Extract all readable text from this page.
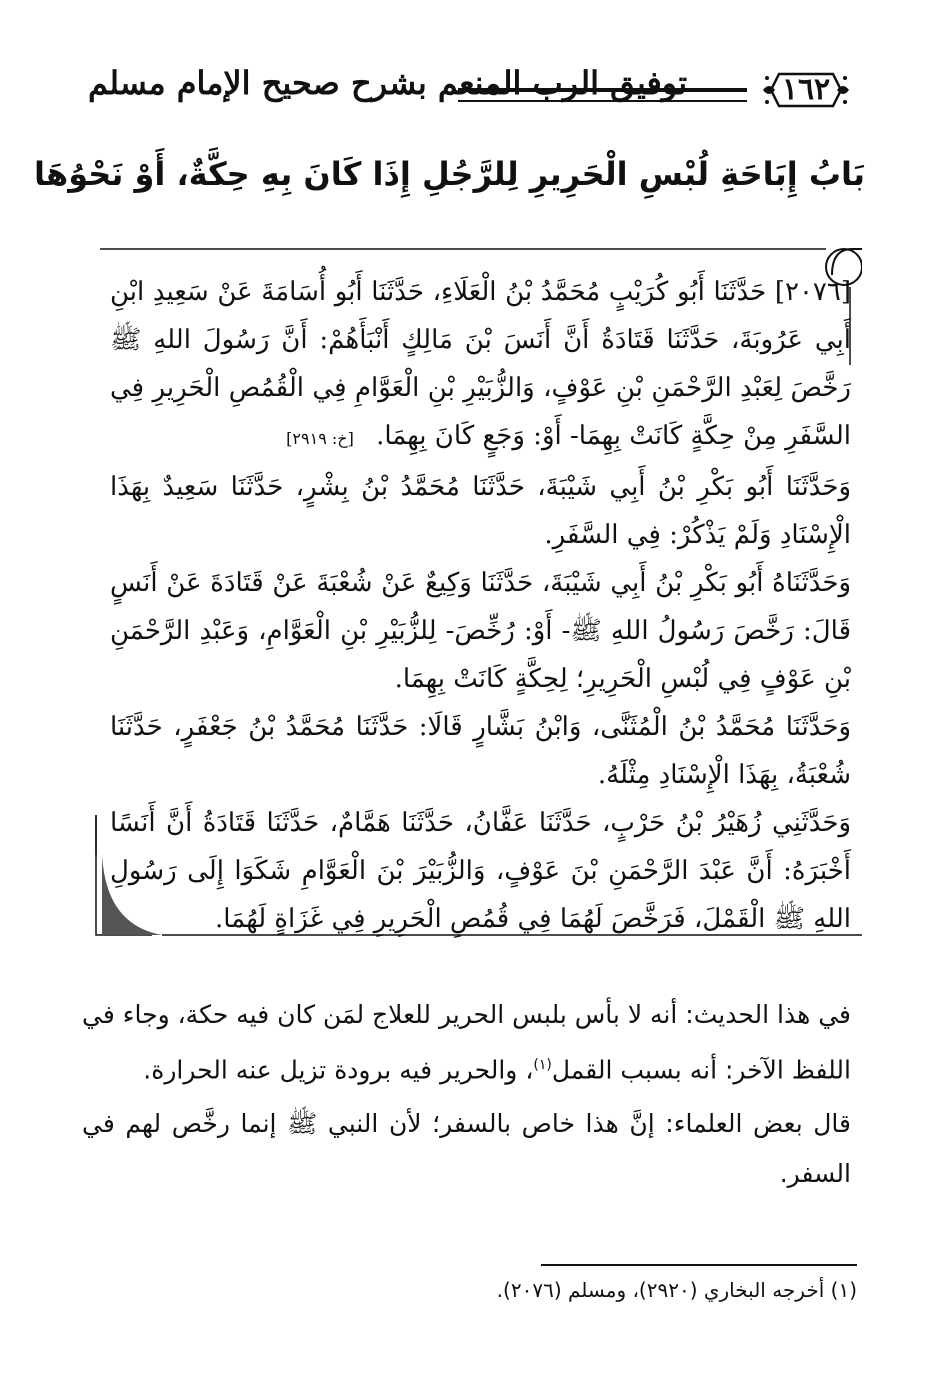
توفيق الرب المنعم بشرح صحيح الإمام مسلم	١٦٢
بَابُ إِبَاحَةِ لُبْسِ الْحَرِيرِ لِلرَّجُلِ إِذَا كَانَ بِهِ حِكَّةٌ، أَوْ نَحْوُهَا

[٢٠٧٦] حَدَّثَنَا أَبُو كُرَيْبٍ مُحَمَّدُ بْنُ الْعَلَاءِ، حَدَّثَنَا أَبُو أُسَامَةَ عَنْ سَعِيدِ ابْنِ أَبِي عَرُوبَةَ، حَدَّثَنَا قَتَادَةُ أَنَّ أَنَسَ بْنَ مَالِكٍ أَنْبَأَهُمْ: أَنَّ رَسُولَ اللهِ ﷺ رَخَّصَ لِعَبْدِ الرَّحْمَنِ بْنِ عَوْفٍ، وَالزُّبَيْرِ بْنِ الْعَوَّامِ فِي الْقُمُصِ الْحَرِيرِ فِي السَّفَرِ مِنْ حِكَّةٍ كَانَتْ بِهِمَا- أَوْ: وَجَعٍ كَانَ بِهِمَا. [خ: ٢٩١٩]

وَحَدَّثَنَا أَبُو بَكْرِ بْنُ أَبِي شَيْبَةَ، حَدَّثَنَا مُحَمَّدُ بْنُ بِشْرٍ، حَدَّثَنَا سَعِيدٌ بِهَذَا الْإِسْنَادِ وَلَمْ يَذْكُرْ: فِي السَّفَرِ.

وَحَدَّثَنَاهُ أَبُو بَكْرِ بْنُ أَبِي شَيْبَةَ، حَدَّثَنَا وَكِيعٌ عَنْ شُعْبَةَ عَنْ قَتَادَةَ عَنْ أَنَسٍ قَالَ: رَخَّصَ رَسُولُ اللهِ ﷺ- أَوْ: رُخِّصَ- لِلزُّبَيْرِ بْنِ الْعَوَّامِ، وَعَبْدِ الرَّحْمَنِ بْنِ عَوْفٍ فِي لُبْسِ الْحَرِيرِ؛ لِحِكَّةٍ كَانَتْ بِهِمَا.

وَحَدَّثَنَا مُحَمَّدُ بْنُ الْمُثَنَّى، وَابْنُ بَشَّارٍ قَالَا: حَدَّثَنَا مُحَمَّدُ بْنُ جَعْفَرٍ، حَدَّثَنَا شُعْبَةُ، بِهَذَا الْإِسْنَادِ مِثْلَهُ.

وَحَدَّثَنِي زُهَيْرُ بْنُ حَرْبٍ، حَدَّثَنَا عَفَّانُ، حَدَّثَنَا هَمَّامٌ، حَدَّثَنَا قَتَادَةُ أَنَّ أَنَسًا أَخْبَرَهُ: أَنَّ عَبْدَ الرَّحْمَنِ بْنَ عَوْفٍ، وَالزُّبَيْرَ بْنَ الْعَوَّامِ شَكَوَا إِلَى رَسُولِ اللهِ ﷺ الْقَمْلَ، فَرَخَّصَ لَهُمَا فِي قُمُصِ الْحَرِيرِ فِي غَزَاةٍ لَهُمَا.

في هذا الحديث: أنه لا بأس بلبس الحرير للعلاج لمَن كان فيه حكة، وجاء في اللفظ الآخر: أنه بسبب القمل$^{(١)}$، والحرير فيه برودة تزيل عنه الحرارة.

قال بعض العلماء: إنَّ هذا خاص بالسفر؛ لأن النبي ﷺ إنما رخَّص لهم في السفر.

(١) أخرجه البخاري (٢٩٢٠)، ومسلم (٢٠٧٦).
